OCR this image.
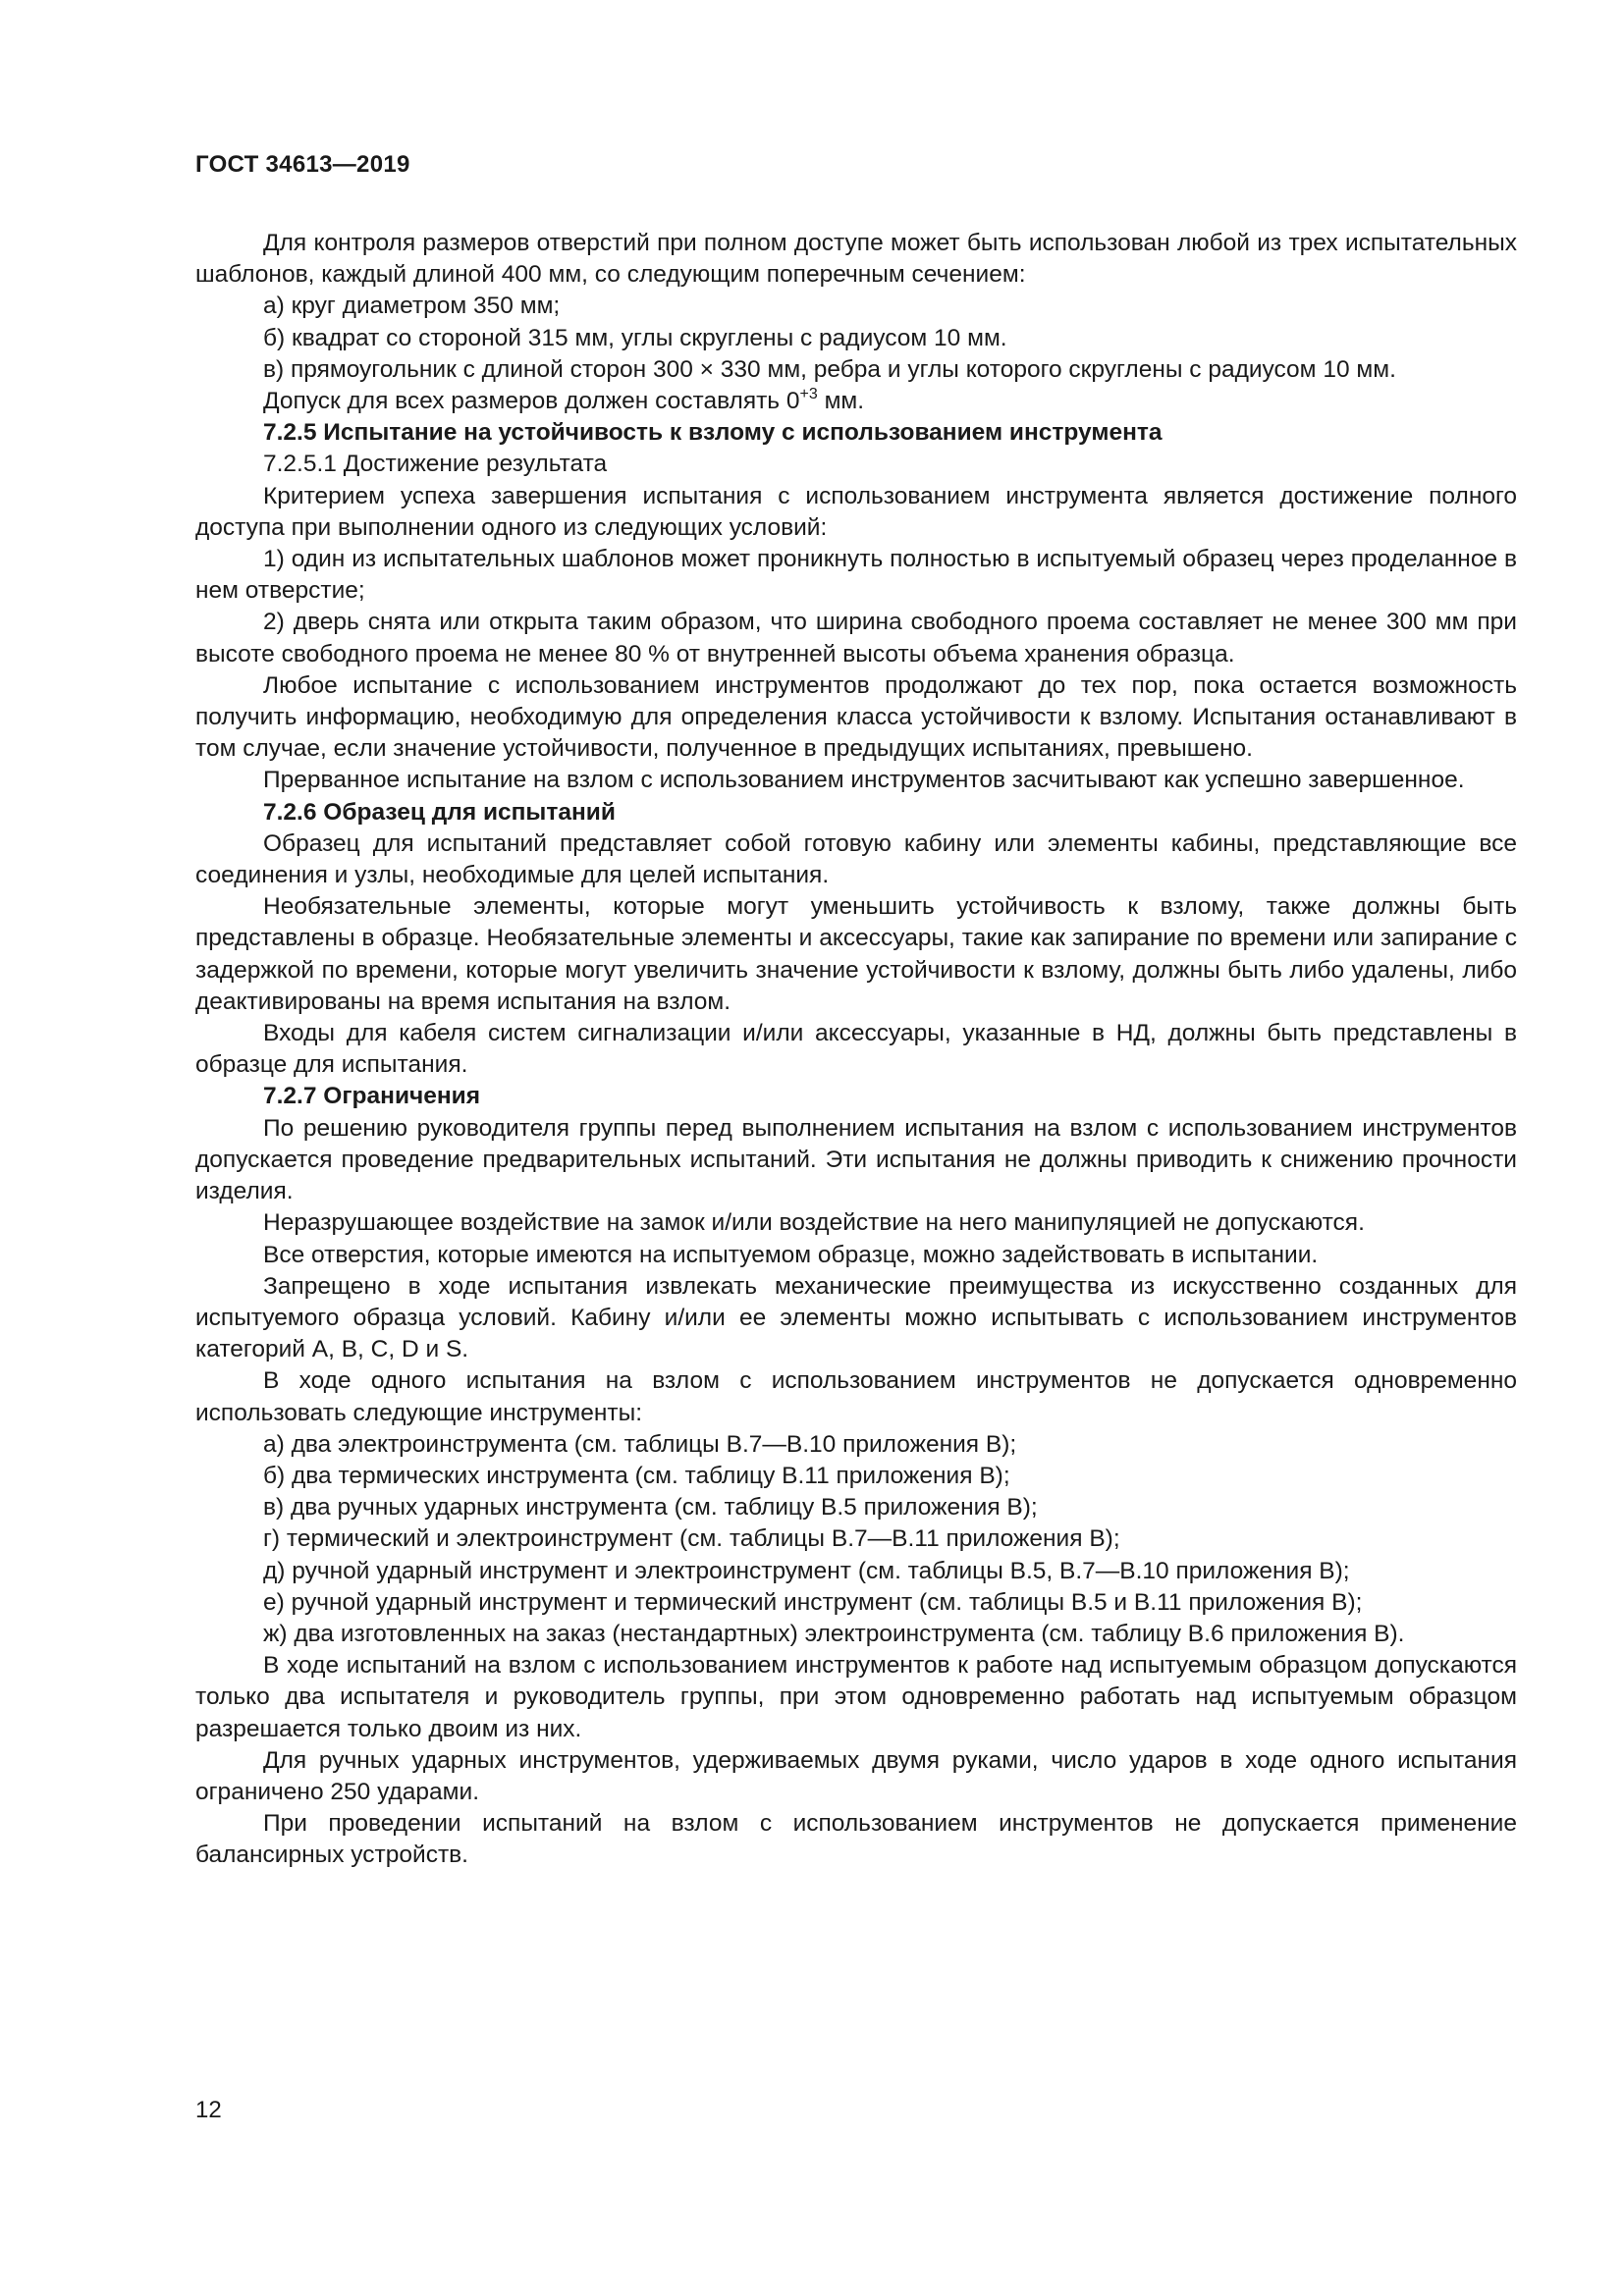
ГОСТ 34613—2019

Для контроля размеров отверстий при полном доступе может быть использован любой из трех испытательных шаблонов, каждый длиной 400 мм, со следующим поперечным сечением:

а) круг диаметром 350 мм;

б) квадрат со стороной 315 мм, углы скруглены с радиусом 10 мм.

в) прямоугольник с длиной сторон 300 × 330 мм, ребра и углы которого скруглены с радиусом 10 мм.

Допуск для всех размеров должен составлять $0^{+3}$ мм.

7.2.5 Испытание на устойчивость к взлому с использованием инструмента

7.2.5.1 Достижение результата

Критерием успеха завершения испытания с использованием инструмента является достижение полного доступа при выполнении одного из следующих условий:

1) один из испытательных шаблонов может проникнуть полностью в испытуемый образец через проделанное в нем отверстие;

2) дверь снята или открыта таким образом, что ширина свободного проема составляет не менее 300 мм при высоте свободного проема не менее 80 % от внутренней высоты объема хранения образца.

Любое испытание с использованием инструментов продолжают до тех пор, пока остается возможность получить информацию, необходимую для определения класса устойчивости к взлому. Испытания останавливают в том случае, если значение устойчивости, полученное в предыдущих испытаниях, превышено.

Прерванное испытание на взлом с использованием инструментов засчитывают как успешно завершенное.

7.2.6 Образец для испытаний

Образец для испытаний представляет собой готовую кабину или элементы кабины, представляющие все соединения и узлы, необходимые для целей испытания.

Необязательные элементы, которые могут уменьшить устойчивость к взлому, также должны быть представлены в образце. Необязательные элементы и аксессуары, такие как запирание по времени или запирание с задержкой по времени, которые могут увеличить значение устойчивости к взлому, должны быть либо удалены, либо деактивированы на время испытания на взлом.

Входы для кабеля систем сигнализации и/или аксессуары, указанные в НД, должны быть представлены в образце для испытания.

7.2.7 Ограничения

По решению руководителя группы перед выполнением испытания на взлом с использованием инструментов допускается проведение предварительных испытаний. Эти испытания не должны приводить к снижению прочности изделия.

Неразрушающее воздействие на замок и/или воздействие на него манипуляцией не допускаются.

Все отверстия, которые имеются на испытуемом образце, можно задействовать в испытании.

Запрещено в ходе испытания извлекать механические преимущества из искусственно созданных для испытуемого образца условий. Кабину и/или ее элементы можно испытывать с использованием инструментов категорий A, B, C, D и S.

В ходе одного испытания на взлом с использованием инструментов не допускается одновременно использовать следующие инструменты:

а) два электроинструмента (см. таблицы В.7—В.10 приложения В);

б) два термических инструмента (см. таблицу В.11 приложения В);

в) два ручных ударных инструмента (см. таблицу В.5 приложения В);

г) термический и электроинструмент (см. таблицы В.7—В.11 приложения В);

д) ручной ударный инструмент и электроинструмент (см. таблицы В.5, В.7—В.10 приложения В);

е) ручной ударный инструмент и термический инструмент (см. таблицы В.5 и В.11 приложения В);

ж) два изготовленных на заказ (нестандартных) электроинструмента (см. таблицу В.6 приложения В).

В ходе испытаний на взлом с использованием инструментов к работе над испытуемым образцом допускаются только два испытателя и руководитель группы, при этом одновременно работать над испытуемым образцом разрешается только двоим из них.

Для ручных ударных инструментов, удерживаемых двумя руками, число ударов в ходе одного испытания ограничено 250 ударами.

При проведении испытаний на взлом с использованием инструментов не допускается применение балансирных устройств.

12
